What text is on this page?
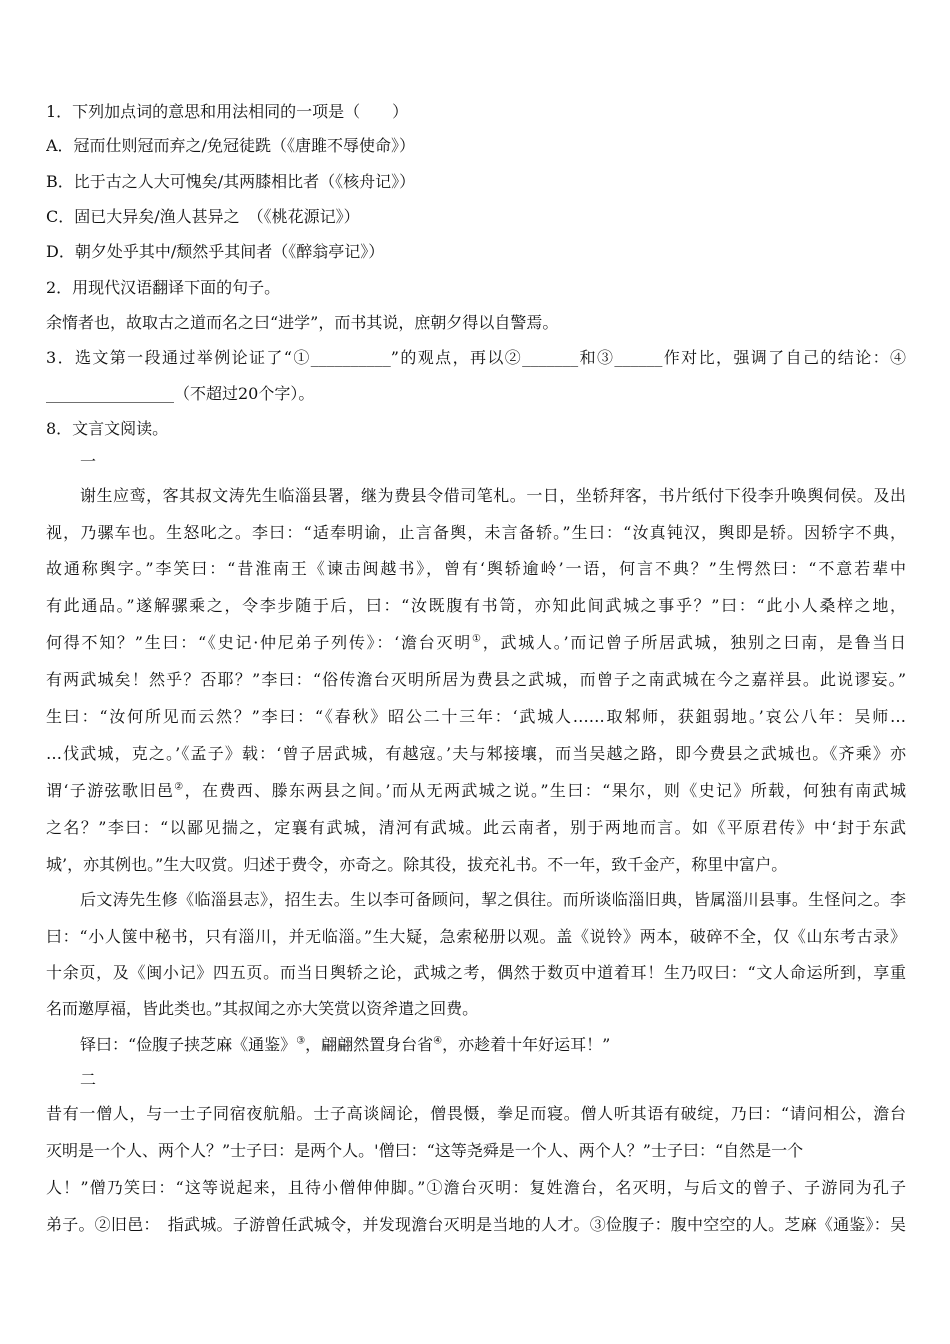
1．下列加点词的意思和用法相同的一项是（　　）
A．冠而仕则冠而弃之/免冠徒跣（《唐雎不辱使命》）
B．比于古之人大可愧矣/其两膝相比者（《核舟记》）
C．固已大异矣/渔人甚异之　（《桃花源记》）
D．朝夕处乎其中/颓然乎其间者（《醉翁亭记》）
2．用现代汉语翻译下面的句子。
余惰者也，故取古之道而名之曰“进学”，而书其说，庶朝夕得以自警焉。
3．选文第一段通过举例论证了“①__________”的观点，再以②_______和③______作对比，强调了自己的结论：④
________________（不超过20个字）。
8．文言文阅读。
一
谢生应鸾，客其叔文涛先生临淄县署，继为费县令借司笔札。一日，坐轿拜客，书片纸付下役李升唤舆伺侯。及出
视，乃骡车也。生怒叱之。李曰：“适奉明谕，止言备舆，未言备轿。”生曰：“汝真钝汉，舆即是轿。因轿字不典，
故通称舆字。”李笑曰：“昔淮南王《谏击闽越书》，曾有‘舆轿逾岭’一语，何言不典？”生愕然曰：“不意若辈中
有此通品。”遂解骡乘之，令李步随于后，曰：“汝既腹有书笥，亦知此间武城之事乎？”曰：“此小人桑梓之地，
何得不知？”生曰：“《史记·仲尼弟子列传》：‘澹台灭明①，武城人。’而记曾子所居武城，独别之曰南，是鲁当日
有两武城矣！然乎？否耶？”李曰：“俗传澹台灭明所居为费县之武城，而曾子之南武城在今之嘉祥县。此说谬妄。”
生曰：“汝何所见而云然？”李曰：“《春秋》昭公二十三年：‘武城人……取邾师，获鉏弱地。’哀公八年：吴师…
…伐武城，克之。’《孟子》载：‘曾子居武城，有越寇。’夫与邾接壤，而当吴越之路，即今费县之武城也。《齐乘》亦
谓‘子游弦歌旧邑②，在费西、滕东两县之间。’而从无两武城之说。”生曰：“果尔，则《史记》所载，何独有南武城
之名？”李曰：“以鄙见揣之，定襄有武城，清河有武城。此云南者，别于两地而言。如《平原君传》中‘封于东武
城’，亦其例也。”生大叹赏。归述于费令，亦奇之。除其役，拔充礼书。不一年，致千金产，称里中富户。
后文涛先生修《临淄县志》，招生去。生以李可备顾问，挈之俱往。而所谈临淄旧典，皆属淄川县事。生怪问之。李
曰：“小人箧中秘书，只有淄川，并无临淄。”生大疑，急索秘册以观。盖《说铃》两本，破碎不全，仅《山东考古录》
十余页，及《闽小记》四五页。而当日舆轿之论，武城之考，偶然于数页中道着耳！生乃叹曰：“文人命运所到，享重
名而邀厚福，皆此类也。”其叔闻之亦大笑赏以资斧遣之回费。
铎曰：“俭腹子挟芝麻《通鉴》③，翩翩然置身台省④，亦趁着十年好运耳！”
二
昔有一僧人，与一士子同宿夜航船。士子高谈阔论，僧畏慑，拳足而寝。僧人听其语有破绽，乃曰：“请问相公，澹台
灭明是一个人、两个人？”士子曰：是两个人。'僧曰：“这等尧舜是一个人、两个人？”士子曰：“自然是一个
人！”僧乃笑曰：“这等说起来，且待小僧伸伸脚。”①澹台灭明：复姓澹台，名灭明，与后文的曾子、子游同为孔子
弟子。②旧邑：　指武城。子游曾任武城令，并发现澹台灭明是当地的人才。③俭腹子：腹中空空的人。芝麻《通鉴》：吴
